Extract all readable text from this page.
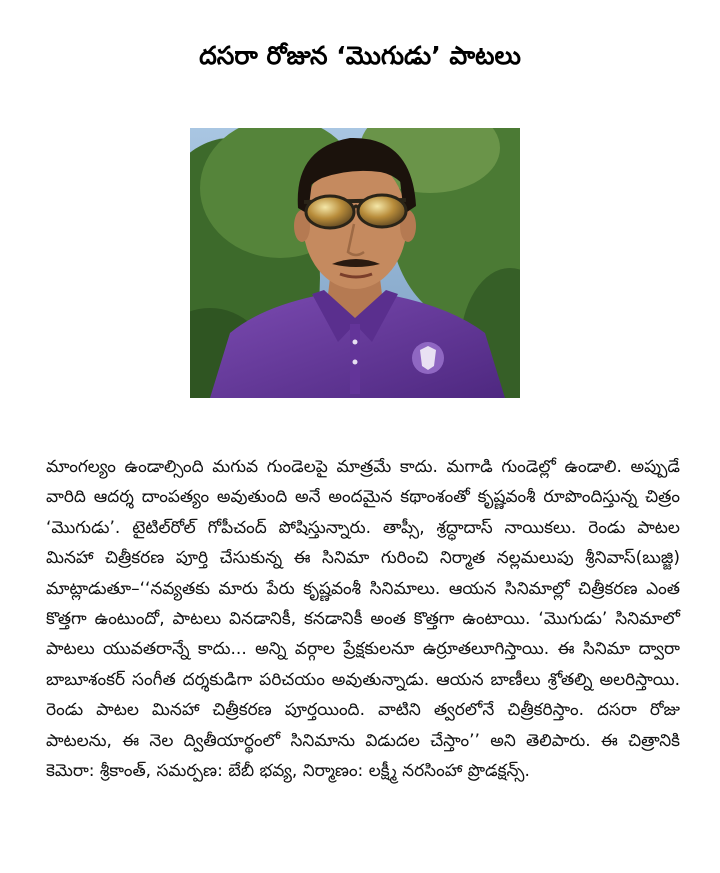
దసరా రోజున ‘మొగుడు’ పాటలు

మాంగల్యం ఉండాల్సింది మగువ గుండెలపై మాత్రమే కాదు. మగాడి గుండెల్లో ఉండాలి. అప్పుడే వారిది ఆదర్శ దాంపత్యం అవుతుంది అనే అందమైన కథాంశంతో కృష్ణవంశీ రూపొందిస్తున్న చిత్రం ‘మొగుడు’. టైటిల్‌రోల్ గోపీచంద్ పోషిస్తున్నారు. తాప్సీ, శ్రద్ధాదాస్ నాయికలు. రెండు పాటల మినహా చిత్రీకరణ పూర్తి చేసుకున్న ఈ సినిమా గురించి నిర్మాత నల్లమలుపు శ్రీనివాస్(బుజ్జి) మాట్లాడుతూ–‘‘నవ్యతకు మారు పేరు కృష్ణవంశీ సినిమాలు. ఆయన సినిమాల్లో చిత్రీకరణ ఎంత కొత్తగా ఉంటుందో, పాటలు వినడానికీ, కనడానికీ అంత కొత్తగా ఉంటాయి. ‘మొగుడు’ సినిమాలో పాటలు యువతరాన్నే కాదు... అన్ని వర్గాల ప్రేక్షకులనూ ఉర్రూతలూగిస్తాయి. ఈ సినిమా ద్వారా బాబూశంకర్ సంగీత దర్శకుడిగా పరిచయం అవుతున్నాడు. ఆయన బాణీలు శ్రోతల్ని అలరిస్తాయి. రెండు పాటల మినహా చిత్రీకరణ పూర్తయింది. వాటిని త్వరలోనే చిత్రీకరిస్తాం. దసరా రోజు పాటలను, ఈ నెల ద్వితీయార్థంలో సినిమాను విడుదల చేస్తాం’’ అని తెలిపారు. ఈ చిత్రానికి కెమెరా: శ్రీకాంత్, సమర్పణ: బేబీ భవ్య, నిర్మాణం: లక్ష్మీ నరసింహా ప్రొడక్షన్స్.
